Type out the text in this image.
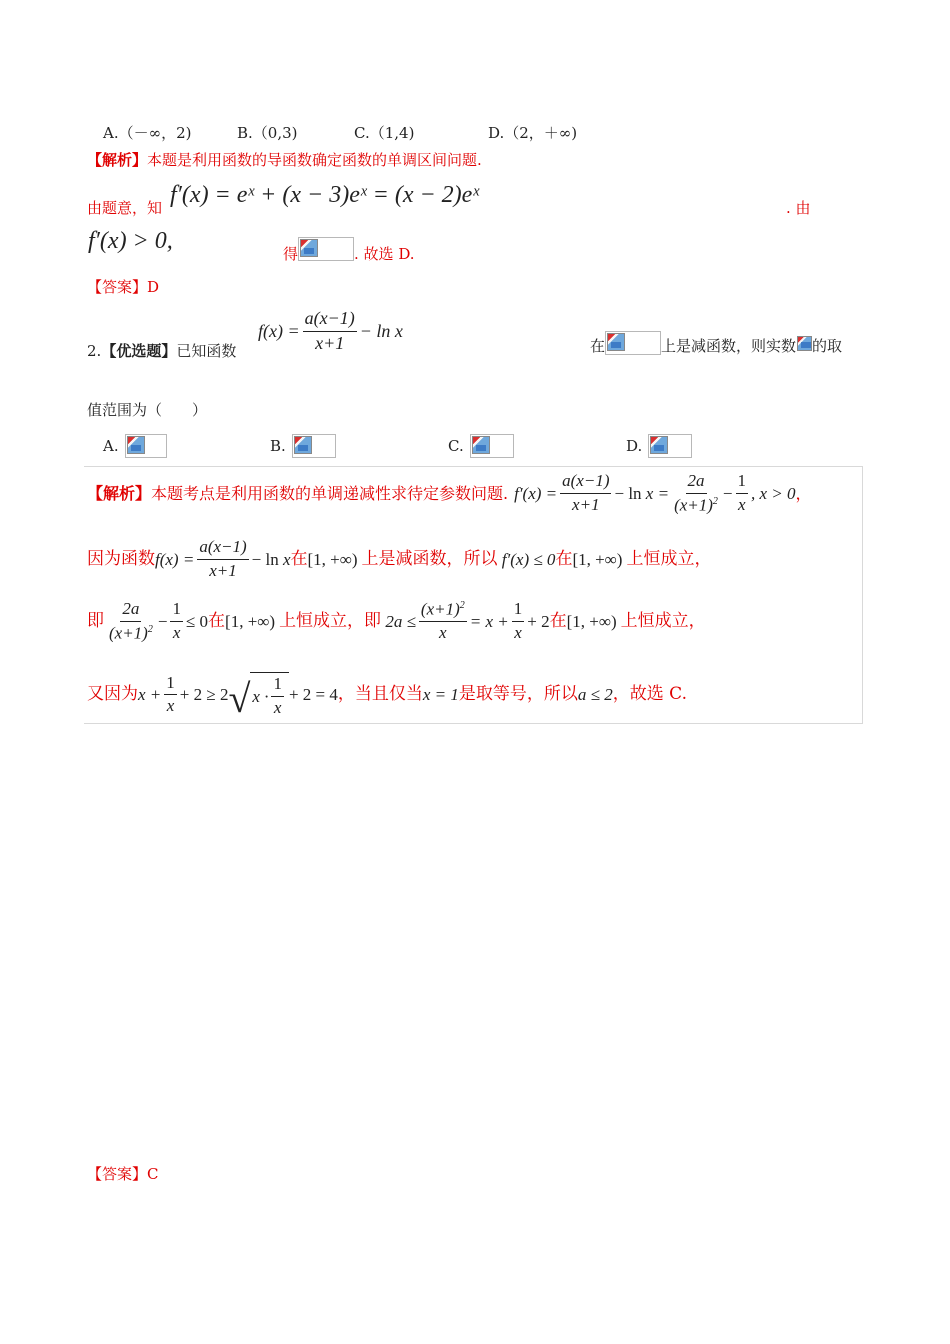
A.（－∞，2)	B.（0,3)	C.（1,4)	D.（2，＋∞)
【解析】本题是利用函数的导函数确定函数的单调区间问题.
由题意，知 f′(x) = eˣ + (x − 3)eˣ = (x − 2)eˣ	. 由
f′(x) > 0,	得	. 故选 D.
【答案】D
2.【优选题】已知函数
$f(x) = \frac{a(x-1)}{x+1} - \ln x$
在	上是减函数，则实数 的取
值范围为（　　）
A.	B.	C.	D.
【解析】 本题考点是利用函数的单调递减性求待定参数问题. $f'(x) = \frac{a(x-1)}{x+1} - \ln$
$x = \frac{2a}{(x+1)^2} - \frac{1}{x}$ , x > 0 ，
因为函数 $f(x) = \frac{a(x-1)}{x+1} - \ln$
x 在 [1, +∞) 上是减函数，所以 f′(x) ≤ 0 在 [1, +∞) 上恒成立，
即 $\frac{2a}{(x+1)^2} - \frac{1}{x} \le 0$ 在 [1, +∞) 上恒成立，即 $2a \le \frac{(x+1)^2}{x} = x + \frac{1}{x} + 2$ 在 [1, +∞) 上恒成立，
又因为 $x + \frac{1}{x} + 2 \ge 2$ √ $x \cdot \frac{1}{x} + 2 = 4$ ，当且仅当 x = 1 是取等号，所以 a ≤ 2 ，故选 C.
【答案】C
